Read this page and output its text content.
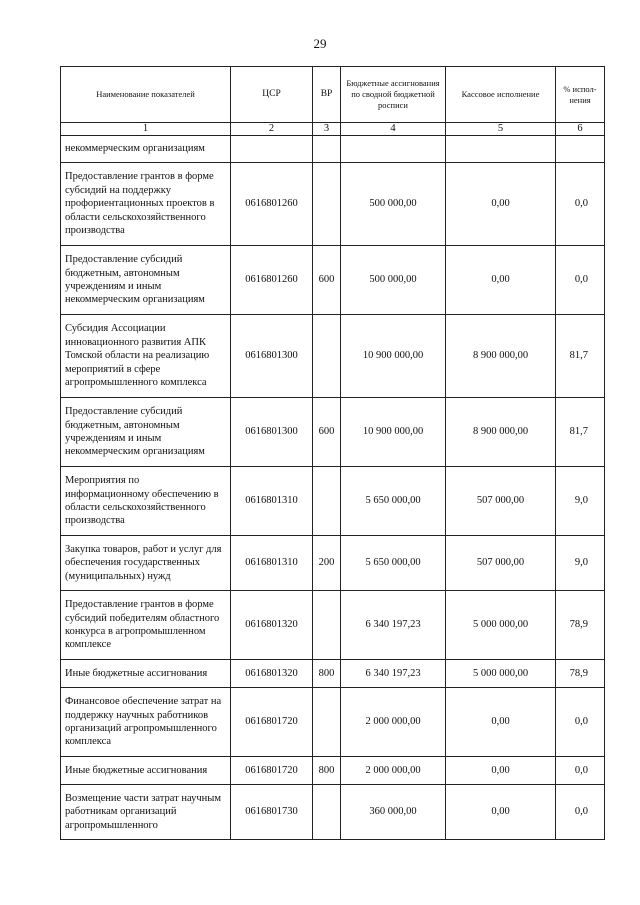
29
Наименование показателей	ЦСР	ВР	Бюджетные ассигнования по сводной бюджетной росписи	Кассовое исполнение	% испол-нения
1	2	3	4	5	6
некоммерческим организациям					
Предоставление грантов в форме субсидий на поддержку профориентационных проектов в области сельскохозяйственного производства	0616801260		500 000,00	0,00	0,0
Предоставление субсидий бюджетным, автономным учреждениям и иным некоммерческим организациям	0616801260	600	500 000,00	0,00	0,0
Субсидия Ассоциации инновационного развития АПК Томской области на реализацию мероприятий в сфере агропромышленного комплекса	0616801300		10 900 000,00	8 900 000,00	81,7
Предоставление субсидий бюджетным, автономным учреждениям и иным некоммерческим организациям	0616801300	600	10 900 000,00	8 900 000,00	81,7
Мероприятия по информационному обеспечению в области сельскохозяйственного производства	0616801310		5 650 000,00	507 000,00	9,0
Закупка товаров, работ и услуг для обеспечения государственных (муниципальных) нужд	0616801310	200	5 650 000,00	507 000,00	9,0
Предоставление грантов в форме субсидий победителям областного конкурса в агропромышленном комплексе	0616801320		6 340 197,23	5 000 000,00	78,9
Иные бюджетные ассигнования	0616801320	800	6 340 197,23	5 000 000,00	78,9
Финансовое обеспечение затрат на поддержку научных работников организаций агропромышленного комплекса	0616801720		2 000 000,00	0,00	0,0
Иные бюджетные ассигнования	0616801720	800	2 000 000,00	0,00	0,0
Возмещение части затрат научным работникам организаций агропромышленного	0616801730		360 000,00	0,00	0,0
